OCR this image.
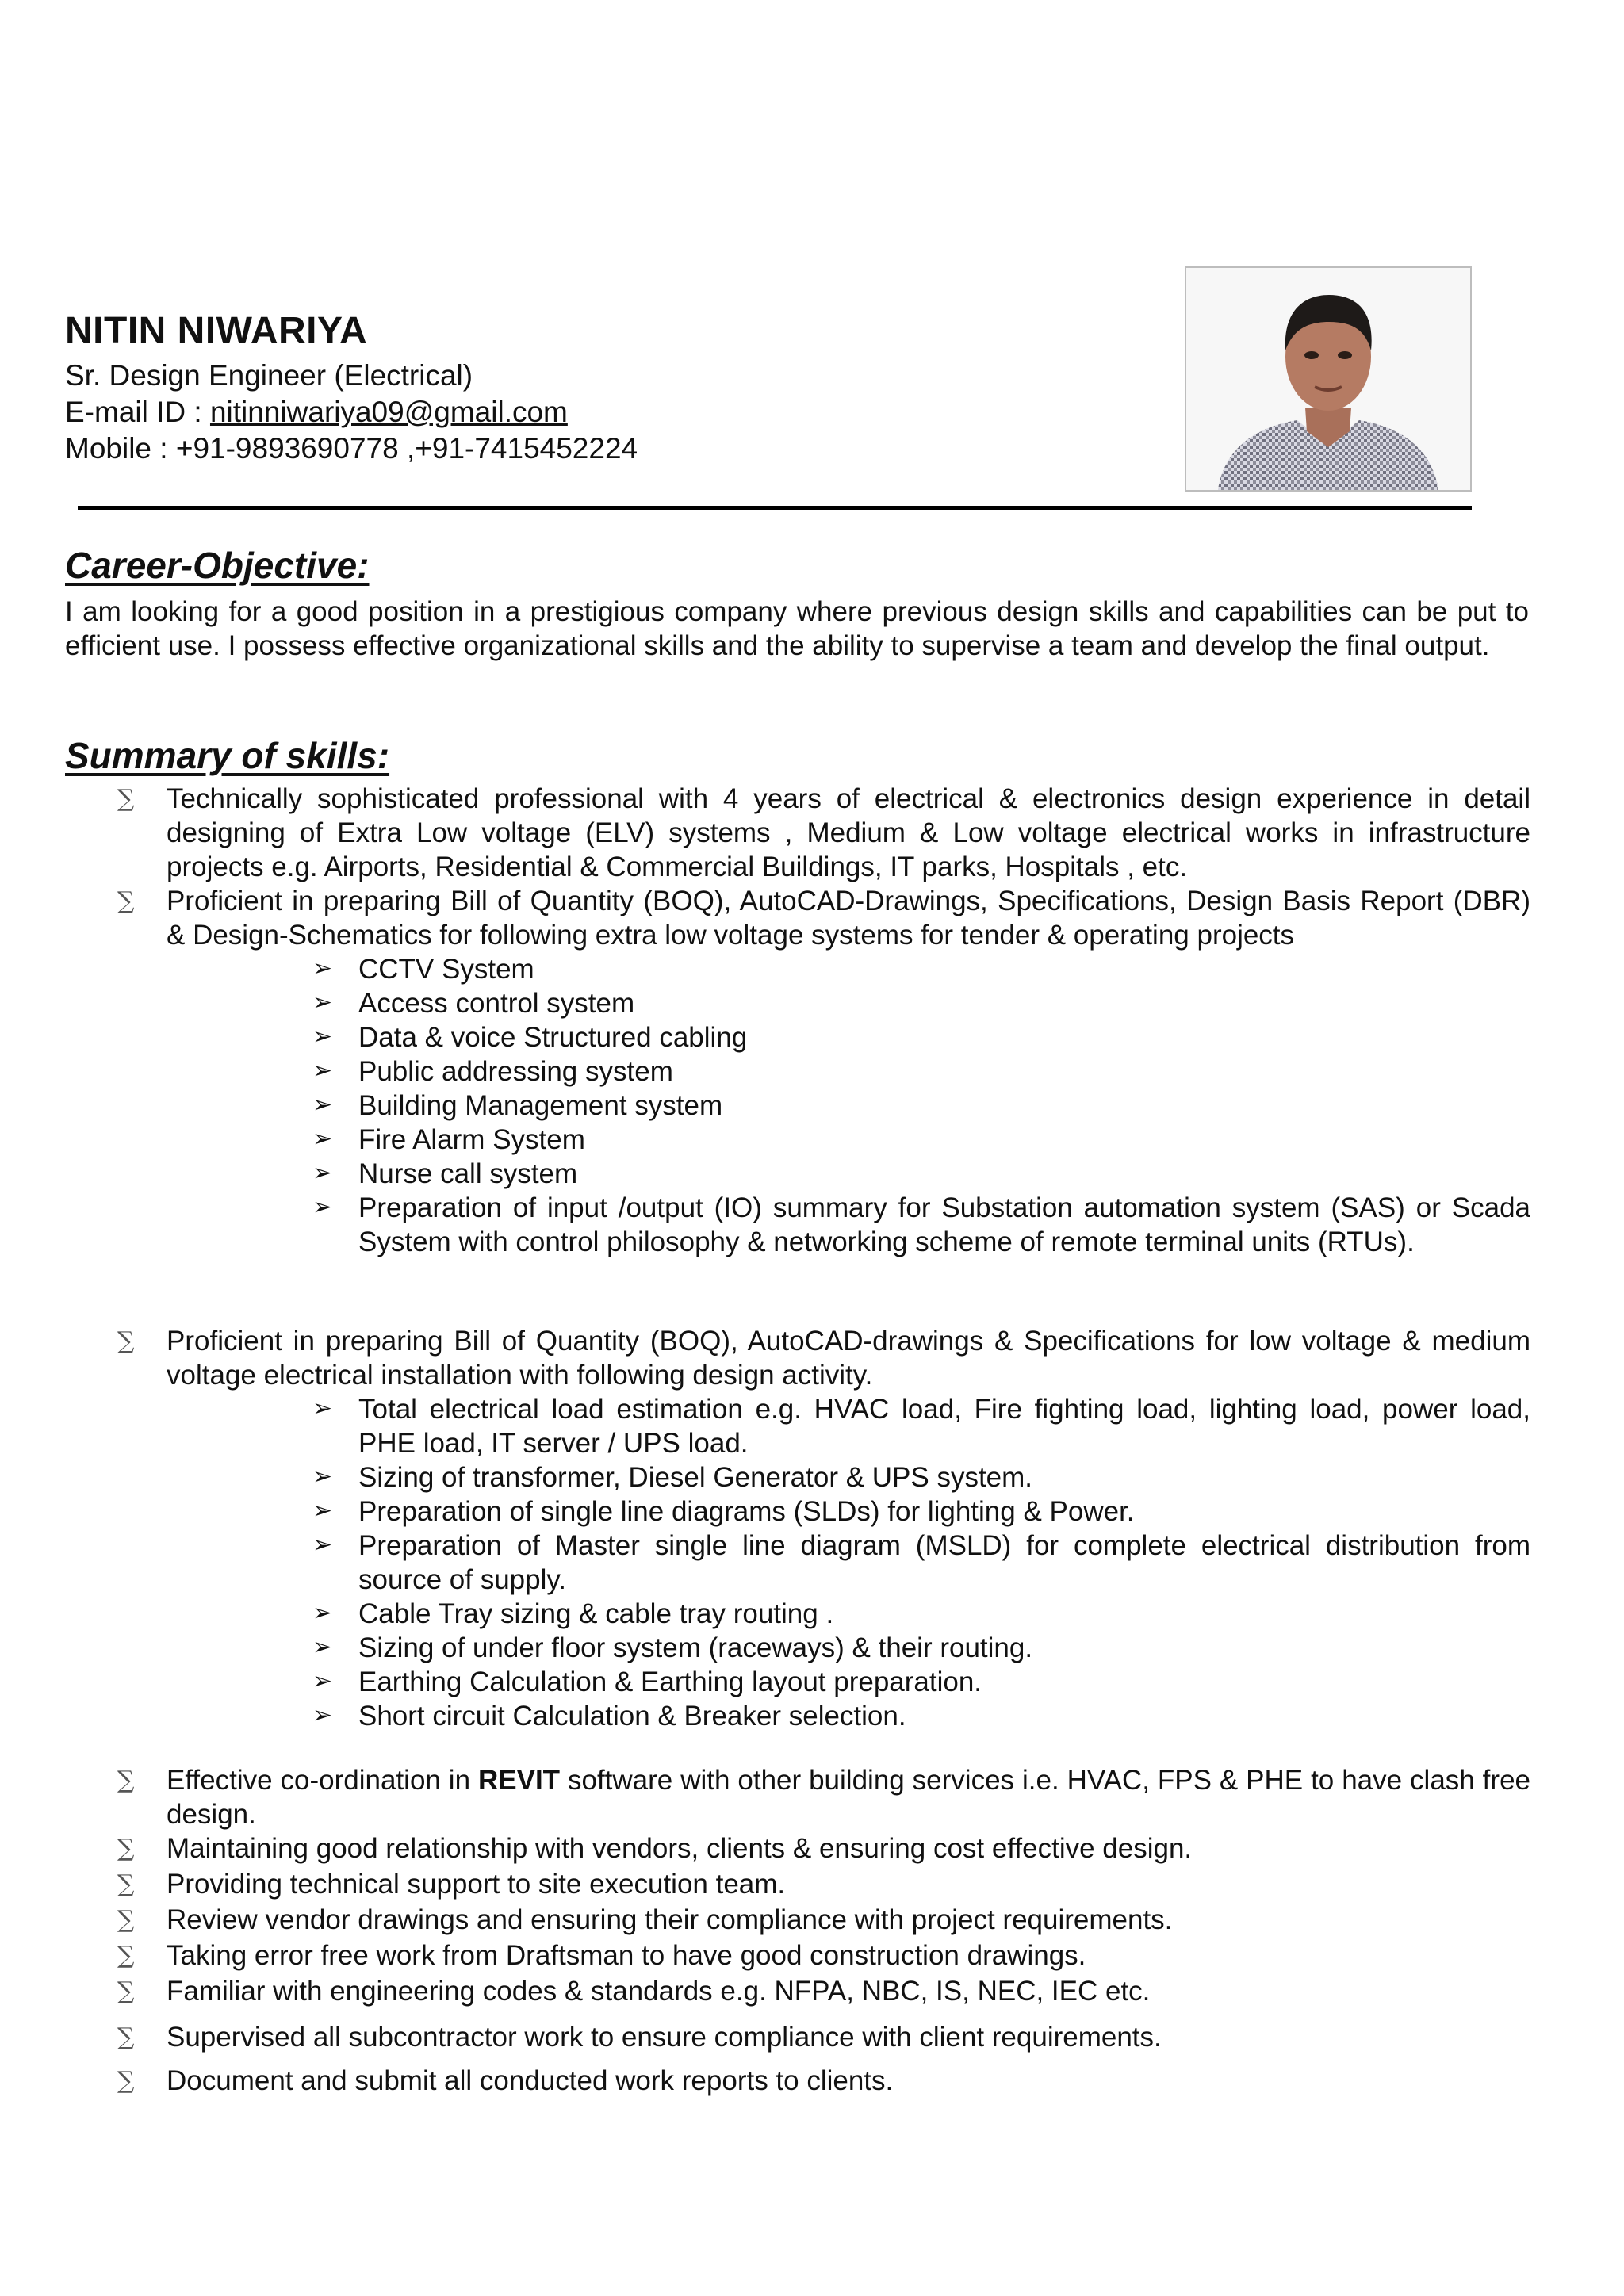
NITIN NIWARIYA
Sr. Design Engineer (Electrical)
E-mail ID : nitinniwariya09@gmail.com
Mobile : +91-9893690778 ,+91-7415452224
Career-Objective:
I am looking for a good position in a prestigious company where previous design skills and capabilities can be put to efficient use. I possess effective organizational skills and the ability to supervise a team and develop the final output.
Summary of skills:
∑ Technically sophisticated professional with 4 years of electrical & electronics design experience in detail designing of Extra Low voltage (ELV) systems , Medium & Low voltage electrical works in infrastructure projects e.g. Airports, Residential & Commercial Buildings, IT parks, Hospitals , etc.
∑ Proficient in preparing Bill of Quantity (BOQ), AutoCAD-Drawings, Specifications, Design Basis Report (DBR) & Design-Schematics for following extra low voltage systems for tender & operating projects
➢ CCTV System
➢ Access control system
➢ Data & voice Structured cabling
➢ Public addressing system
➢ Building Management system
➢ Fire Alarm System
➢ Nurse call system
➢ Preparation of input /output (IO) summary for Substation automation system (SAS) or Scada System with control philosophy & networking scheme of remote terminal units (RTUs).
∑ Proficient in preparing Bill of Quantity (BOQ), AutoCAD-drawings & Specifications for low voltage & medium voltage electrical installation with following design activity.
➢ Total electrical load estimation e.g. HVAC load, Fire fighting load, lighting load, power load, PHE load, IT server / UPS load.
➢ Sizing of transformer, Diesel Generator & UPS system.
➢ Preparation of single line diagrams (SLDs) for lighting & Power.
➢ Preparation of Master single line diagram (MSLD) for complete electrical distribution from source of supply.
➢ Cable Tray sizing & cable tray routing .
➢ Sizing of under floor system (raceways) & their routing.
➢ Earthing Calculation & Earthing layout preparation.
➢ Short circuit Calculation & Breaker selection.
∑ Effective co-ordination in REVIT software with other building services i.e. HVAC, FPS & PHE to have clash free design.
∑ Maintaining good relationship with vendors, clients & ensuring cost effective design.
∑ Providing technical support to site execution team.
∑ Review vendor drawings and ensuring their compliance with project requirements.
∑ Taking error free work from Draftsman to have good construction drawings.
∑ Familiar with engineering codes & standards e.g. NFPA, NBC, IS, NEC, IEC etc.
∑ Supervised all subcontractor work to ensure compliance with client requirements.
∑ Document and submit all conducted work reports to clients.
